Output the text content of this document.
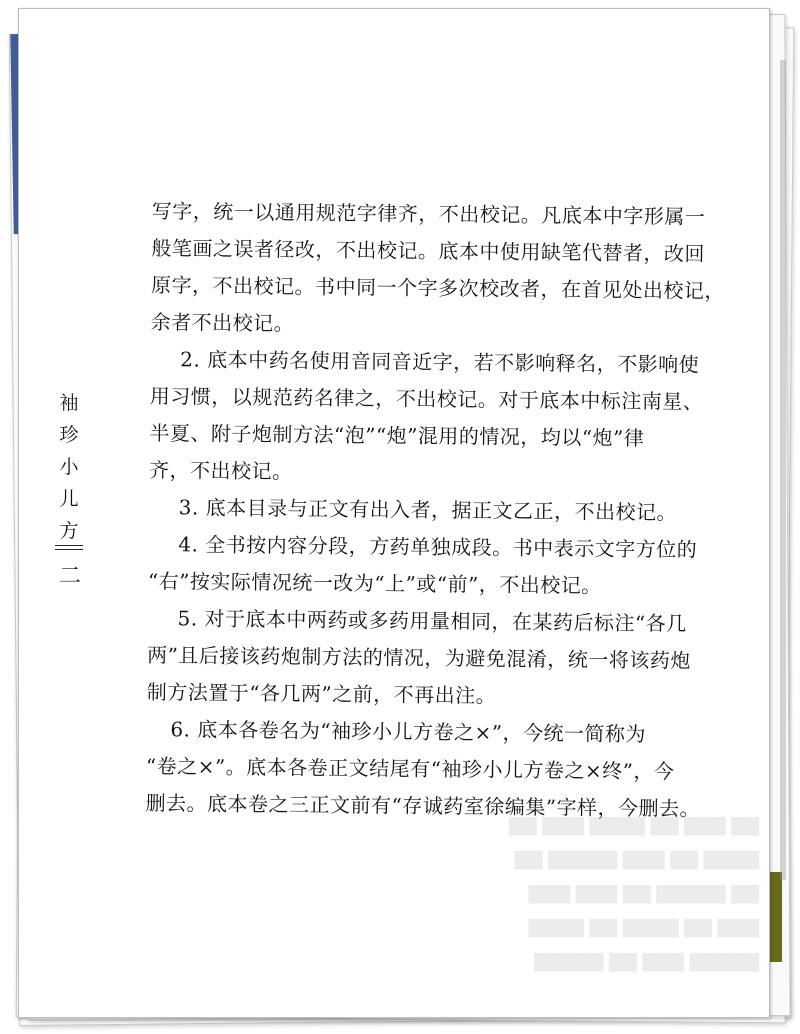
袖
珍
小
儿
方
二
写字，统一以通用规范字律齐，不出校记。凡底本中字形属一
般笔画之误者径改，不出校记。底本中使用缺笔代替者，改回
原字，不出校记。书中同一个字多次校改者，在首见处出校记，
余者不出校记。
2. 底本中药名使用音同音近字，若不影响释名，不影响使
用习惯，以规范药名律之，不出校记。对于底本中标注南星、
半夏、附子炮制方法“泡”“炮”混用的情况，均以“炮”律
齐，不出校记。
3. 底本目录与正文有出入者，据正文乙正，不出校记。
4. 全书按内容分段，方药单独成段。书中表示文字方位的
“右”按实际情况统一改为“上”或“前”，不出校记。
5. 对于底本中两药或多药用量相同，在某药后标注“各几
两”且后接该药炮制方法的情况，为避免混淆，统一将该药炮
制方法置于“各几两”之前，不再出注。
6. 底本各卷名为“袖珍小儿方卷之×”，今统一简称为
“卷之×”。底本各卷正文结尾有“袖珍小儿方卷之×终”，今
删去。底本卷之三正文前有“存诚药室徐编集”字样，今删去。
▇▇ ▇▇▇ ▇▇ ▇▇▇▇ ▇▇▇ ▇▇
▇▇▇▇ ▇▇ ▇▇▇ ▇▇▇▇▇ ▇▇
▇▇ ▇▇▇▇▇ ▇▇ ▇▇▇ ▇▇▇
▇▇▇ ▇▇ ▇▇▇▇ ▇▇ ▇▇▇▇
▇▇▇▇▇ ▇▇▇ ▇▇ ▇▇▇▇▇
